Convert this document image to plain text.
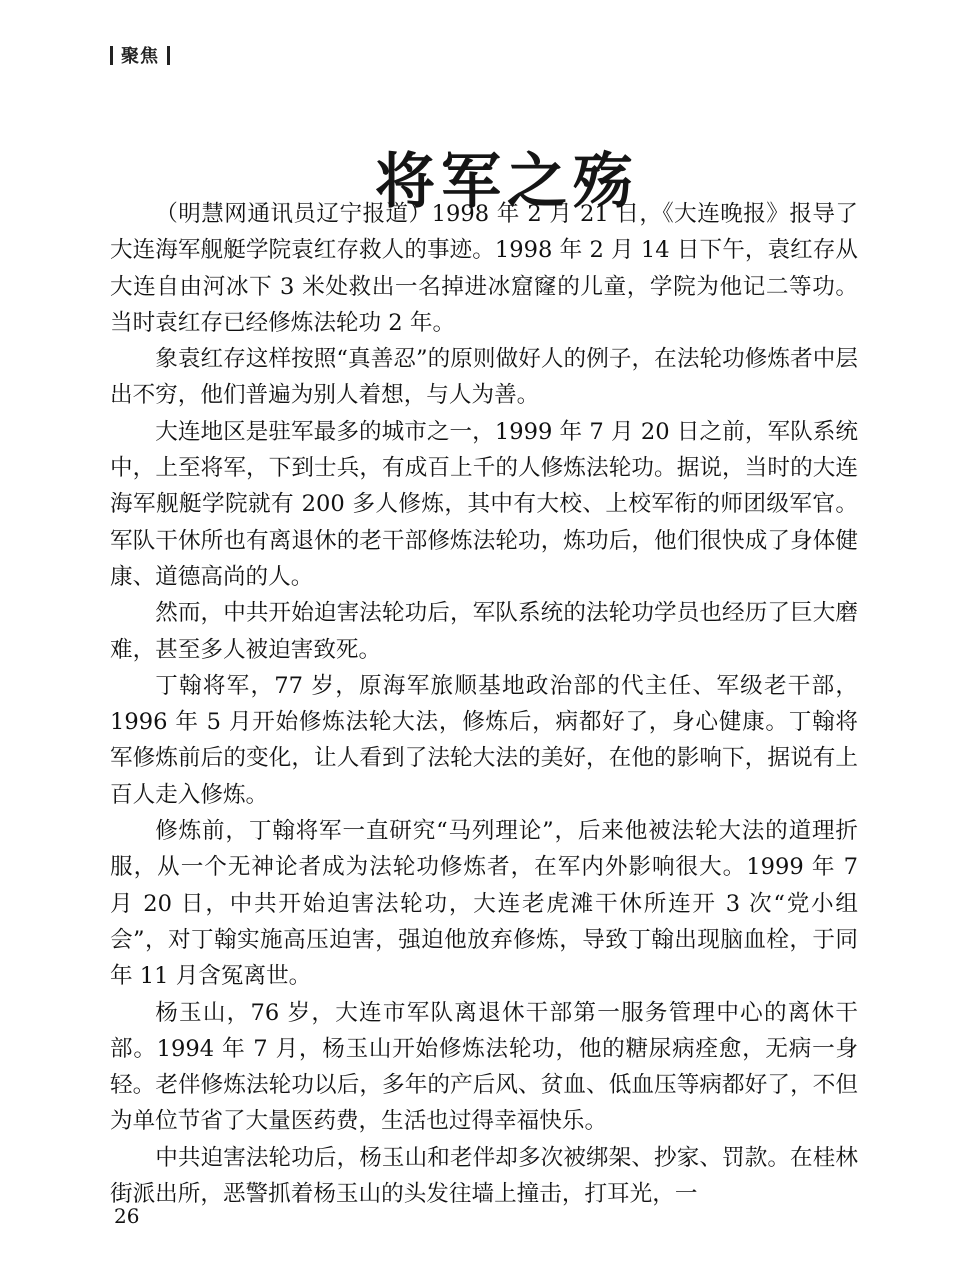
聚焦
将军之殇

（明慧网通讯员辽宁报道）1998 年 2 月 21 日，《大连晚报》报导了大连海军舰艇学院袁红存救人的事迹。1998 年 2 月 14 日下午，袁红存从大连自由河冰下 3 米处救出一名掉进冰窟窿的儿童，学院为他记二等功。当时袁红存已经修炼法轮功 2 年。

象袁红存这样按照“真善忍”的原则做好人的例子，在法轮功修炼者中层出不穷，他们普遍为别人着想，与人为善。

大连地区是驻军最多的城市之一，1999 年 7 月 20 日之前，军队系统中，上至将军，下到士兵，有成百上千的人修炼法轮功。据说，当时的大连海军舰艇学院就有 200 多人修炼，其中有大校、上校军衔的师团级军官。军队干休所也有离退休的老干部修炼法轮功，炼功后，他们很快成了身体健康、道德高尚的人。

然而，中共开始迫害法轮功后，军队系统的法轮功学员也经历了巨大磨难，甚至多人被迫害致死。

丁翰将军，77 岁，原海军旅顺基地政治部的代主任、军级老干部，1996 年 5 月开始修炼法轮大法，修炼后，病都好了，身心健康。丁翰将军修炼前后的变化，让人看到了法轮大法的美好，在他的影响下，据说有上百人走入修炼。

修炼前，丁翰将军一直研究“马列理论”，后来他被法轮大法的道理折服，从一个无神论者成为法轮功修炼者，在军内外影响很大。1999 年 7 月 20 日，中共开始迫害法轮功，大连老虎滩干休所连开 3 次“党小组会”，对丁翰实施高压迫害，强迫他放弃修炼，导致丁翰出现脑血栓，于同年 11 月含冤离世。

杨玉山，76 岁，大连市军队离退休干部第一服务管理中心的离休干部。1994 年 7 月，杨玉山开始修炼法轮功，他的糖尿病痊愈，无病一身轻。老伴修炼法轮功以后，多年的产后风、贫血、低血压等病都好了，不但为单位节省了大量医药费，生活也过得幸福快乐。

中共迫害法轮功后，杨玉山和老伴却多次被绑架、抄家、罚款。在桂林街派出所，恶警抓着杨玉山的头发往墙上撞击，打耳光，一

26
